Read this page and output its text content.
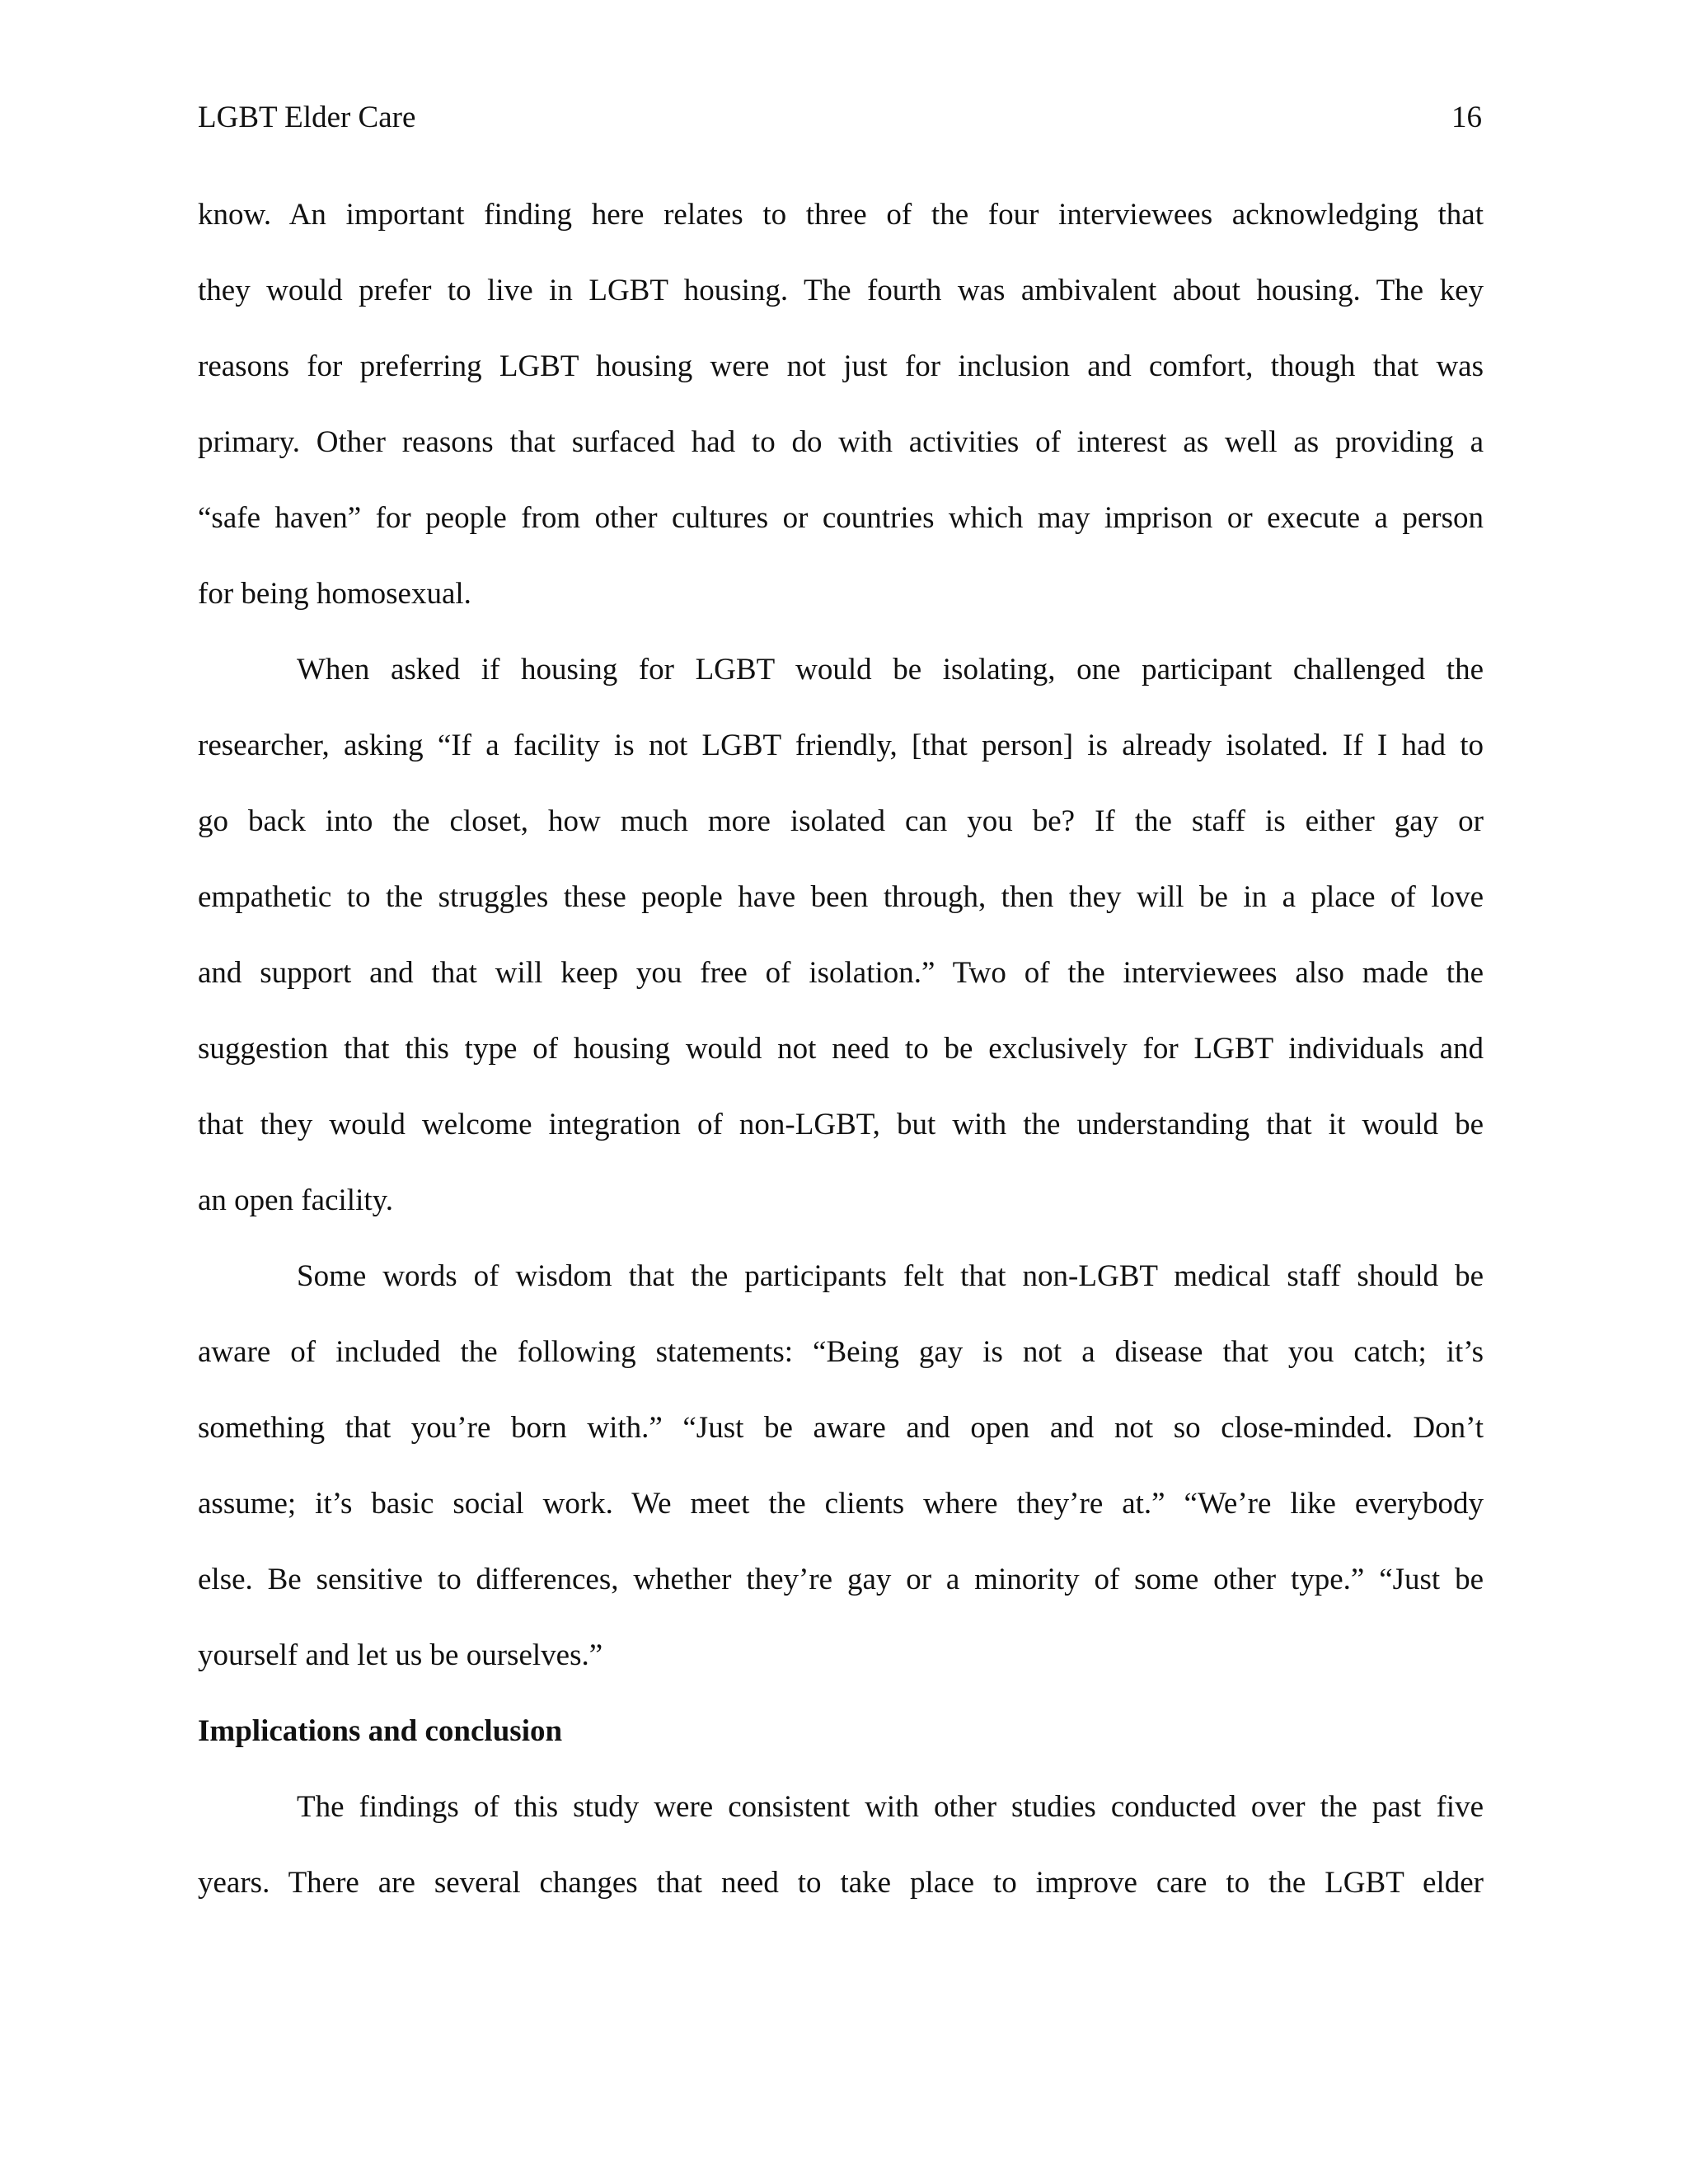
LGBT Elder Care	16
know. An important finding here relates to three of the four interviewees acknowledging that
they would prefer to live in LGBT housing. The fourth was ambivalent about housing. The key
reasons for preferring LGBT housing were not just for inclusion and comfort, though that was
primary. Other reasons that surfaced had to do with activities of interest as well as providing a
“safe haven” for people from other cultures or countries which may imprison or execute a person
for being homosexual.
When asked if housing for LGBT would be isolating, one participant challenged the
researcher, asking “If a facility is not LGBT friendly, [that person] is already isolated. If I had to
go back into the closet, how much more isolated can you be? If the staff is either gay or
empathetic to the struggles these people have been through, then they will be in a place of love
and support and that will keep you free of isolation.” Two of the interviewees also made the
suggestion that this type of housing would not need to be exclusively for LGBT individuals and
that they would welcome integration of non-LGBT, but with the understanding that it would be
an open facility.
Some words of wisdom that the participants felt that non-LGBT medical staff should be
aware of included the following statements: “Being gay is not a disease that you catch; it’s
something that you’re born with.” “Just be aware and open and not so close-minded. Don’t
assume; it’s basic social work. We meet the clients where they’re at.” “We’re like everybody
else. Be sensitive to differences, whether they’re gay or a minority of some other type.” “Just be
yourself and let us be ourselves.”
Implications and conclusion
The findings of this study were consistent with other studies conducted over the past five
years. There are several changes that need to take place to improve care to the LGBT elder
